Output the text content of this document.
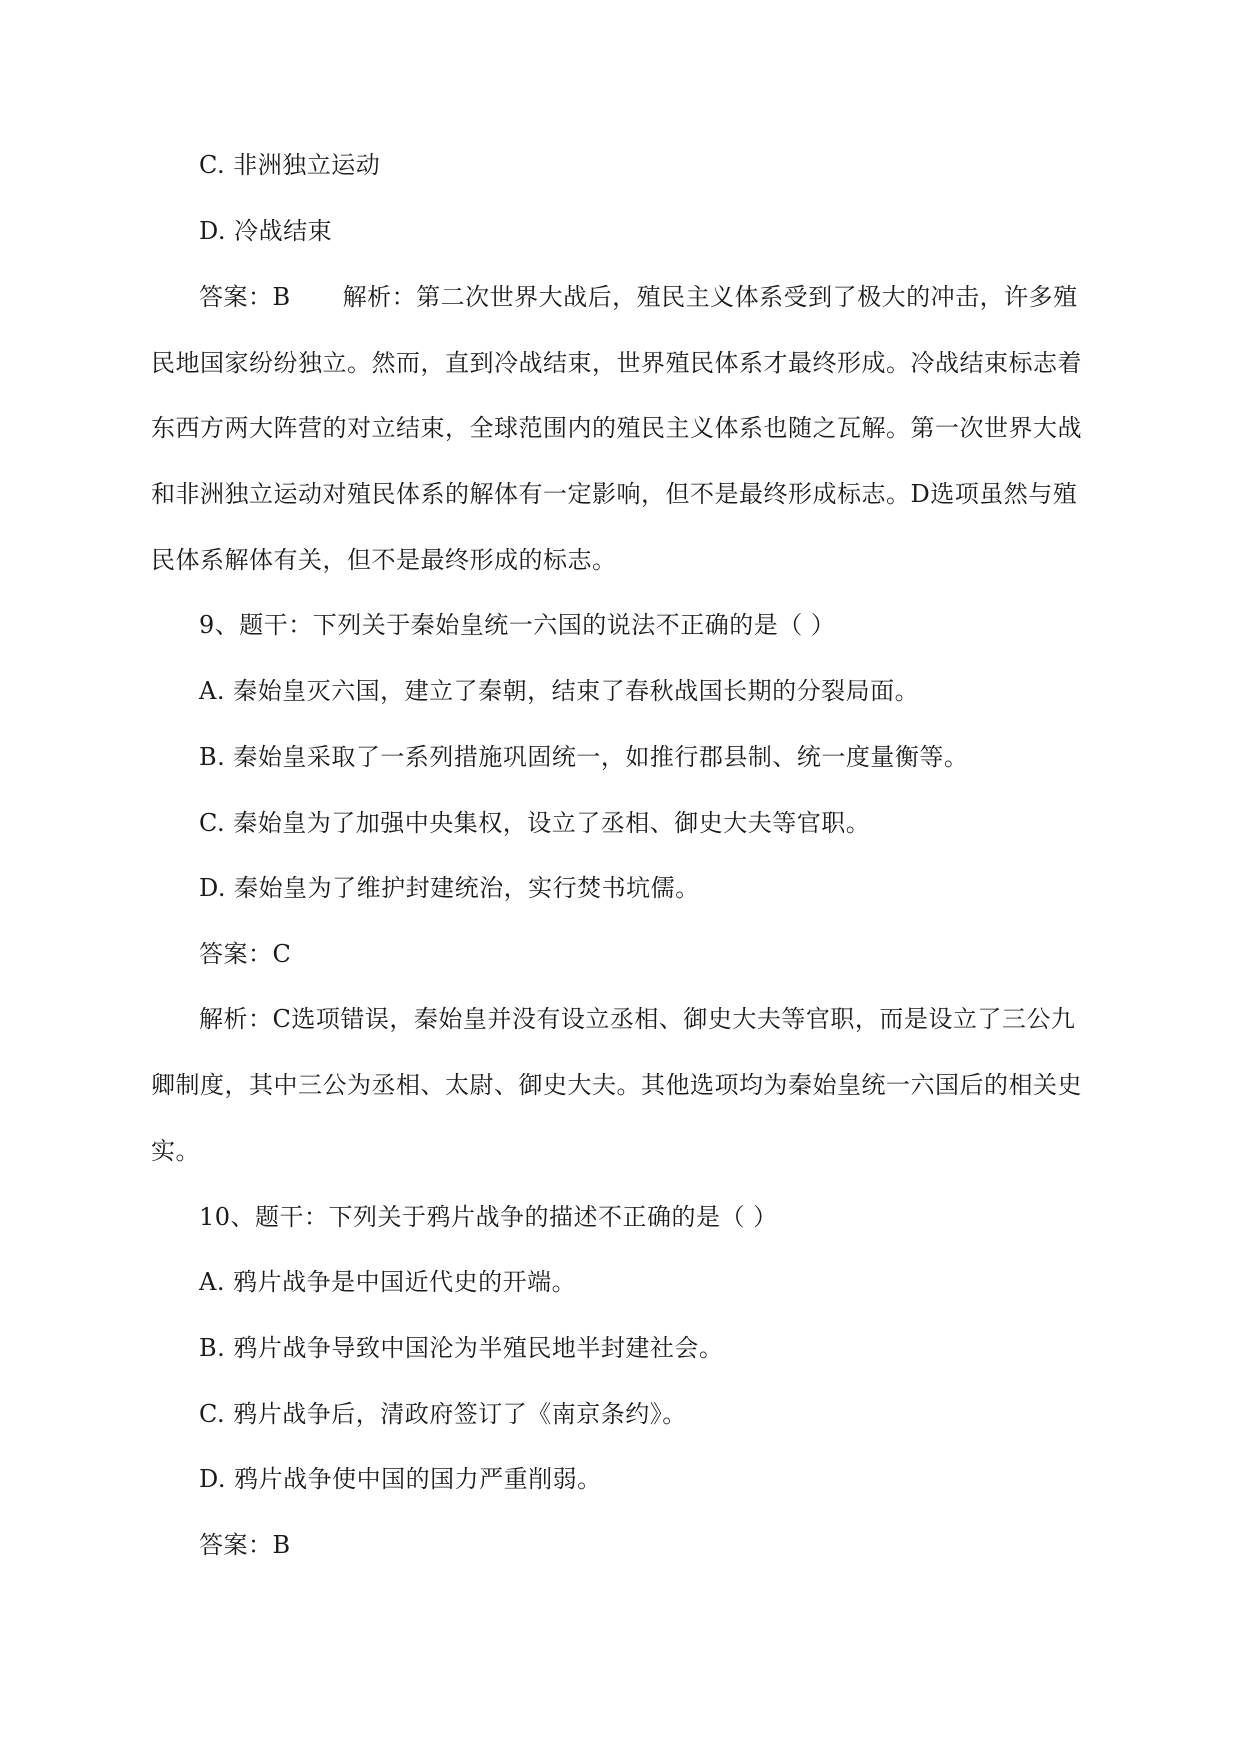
C. 非洲独立运动
D. 冷战结束
答案：B 解析：第二次世界大战后，殖民主义体系受到了极大的冲击，许多殖
民地国家纷纷独立。然而，直到冷战结束，世界殖民体系才最终形成。冷战结束标志着
东西方两大阵营的对立结束，全球范围内的殖民主义体系也随之瓦解。第一次世界大战
和非洲独立运动对殖民体系的解体有一定影响，但不是最终形成标志。D选项虽然与殖
民体系解体有关，但不是最终形成的标志。
9、题干：下列关于秦始皇统一六国的说法不正确的是（ ）
A. 秦始皇灭六国，建立了秦朝，结束了春秋战国长期的分裂局面。
B. 秦始皇采取了一系列措施巩固统一，如推行郡县制、统一度量衡等。
C. 秦始皇为了加强中央集权，设立了丞相、御史大夫等官职。
D. 秦始皇为了维护封建统治，实行焚书坑儒。
答案：C
解析：C选项错误，秦始皇并没有设立丞相、御史大夫等官职，而是设立了三公九
卿制度，其中三公为丞相、太尉、御史大夫。其他选项均为秦始皇统一六国后的相关史
实。
10、题干：下列关于鸦片战争的描述不正确的是（ ）
A. 鸦片战争是中国近代史的开端。
B. 鸦片战争导致中国沦为半殖民地半封建社会。
C. 鸦片战争后，清政府签订了《南京条约》。
D. 鸦片战争使中国的国力严重削弱。
答案：B
